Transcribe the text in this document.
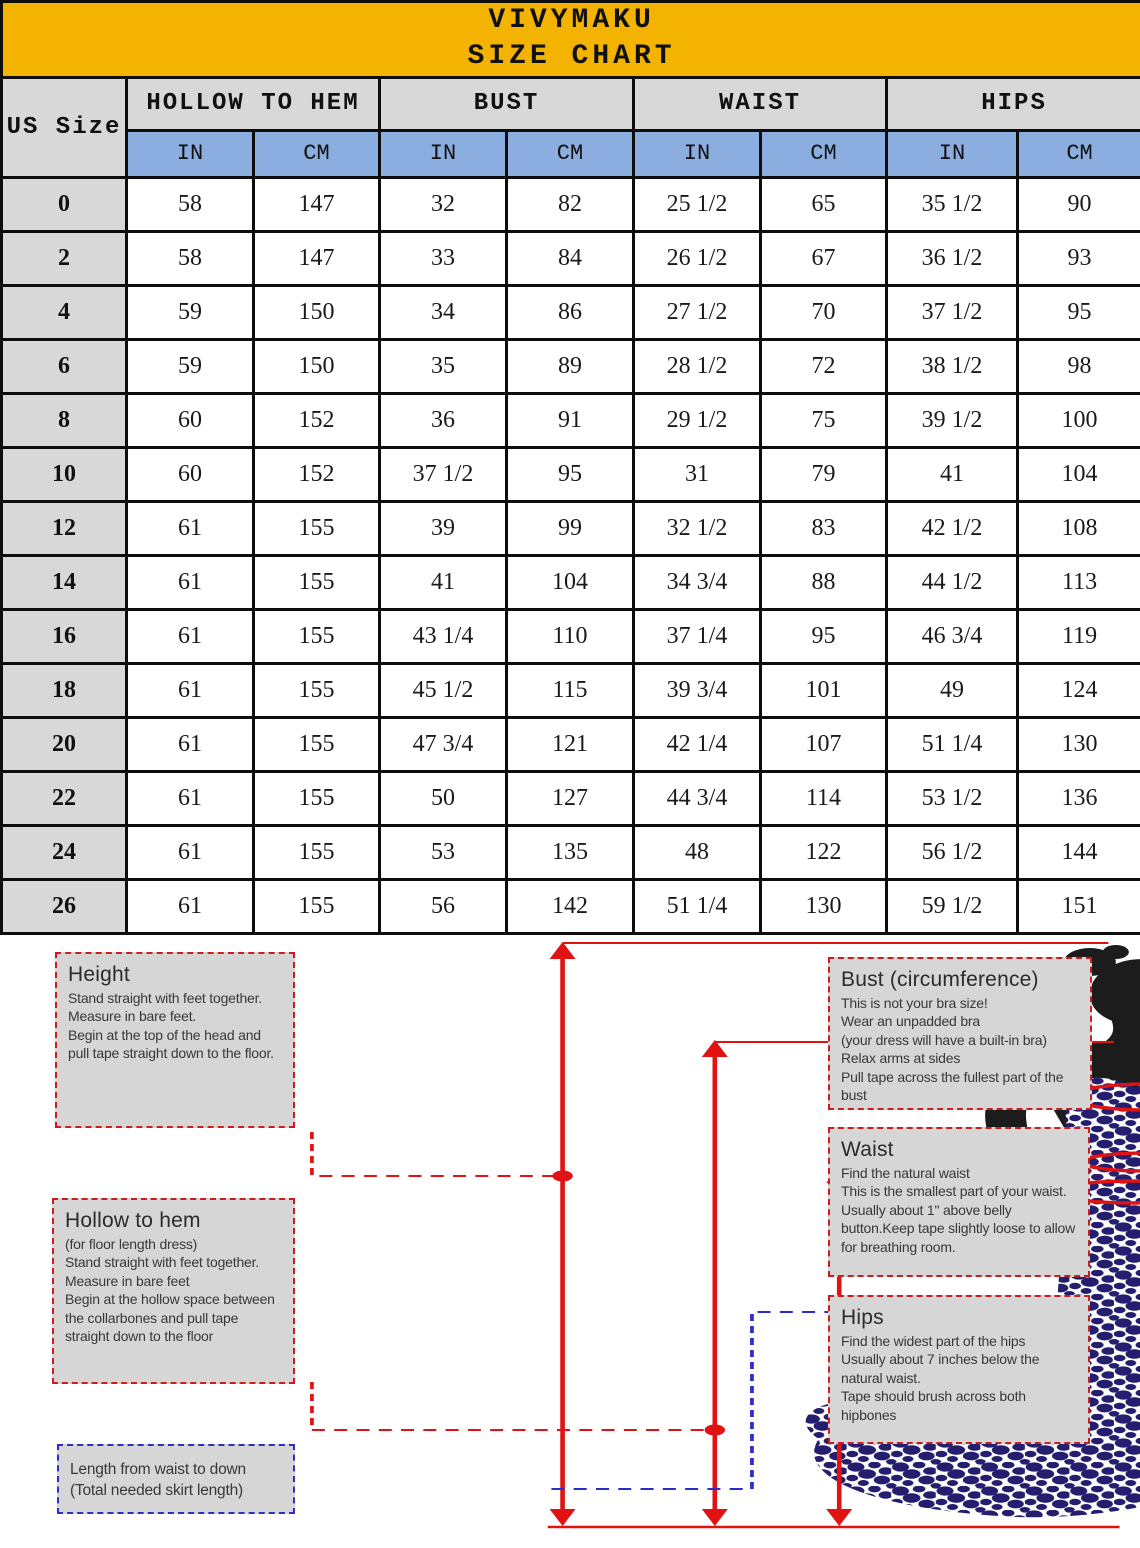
VIVYMAKU
SIZE CHART								

US Size	HOLLOW TO HEM		BUST		WAIST		HIPS	
	IN	CM	IN	CM	IN	CM	IN	CM
0	58	147	32	82	25 1/2	65	35 1/2	90
2	58	147	33	84	26 1/2	67	36 1/2	93
4	59	150	34	86	27 1/2	70	37 1/2	95
6	59	150	35	89	28 1/2	72	38 1/2	98
8	60	152	36	91	29 1/2	75	39 1/2	100
10	60	152	37 1/2	95	31	79	41	104
12	61	155	39	99	32 1/2	83	42 1/2	108
14	61	155	41	104	34 3/4	88	44 1/2	113
16	61	155	43 1/4	110	37 1/4	95	46 3/4	119
18	61	155	45 1/2	115	39 3/4	101	49	124
20	61	155	47 3/4	121	42 1/4	107	51 1/4	130
22	61	155	50	127	44 3/4	114	53 1/2	136
24	61	155	53	135	48	122	56 1/2	144
26	61	155	56	142	51 1/4	130	59 1/2	151
Height
Stand straight with feet together.
Measure in bare feet.
Begin at the top of the head and pull tape straight down to the floor.
Hollow to hem
(for floor length dress)
Stand straight with feet together. Measure in bare feet
Begin at the hollow space between the collarbones and pull tape straight down to the floor
Length from waist to down
(Total needed skirt length)
Bust (circumference)
This is not your bra size!
Wear an unpadded bra
(your dress will have a built-in bra)
Relax arms at sides
Pull tape across the fullest part of the bust
Waist
Find the natural waist
This is the smallest part of your waist.
Usually about 1" above belly button.Keep tape slightly loose to allow for breathing room.
Hips
Find the widest part of the hips
Usually about 7 inches below the natural waist.
Tape should brush across both hipbones
